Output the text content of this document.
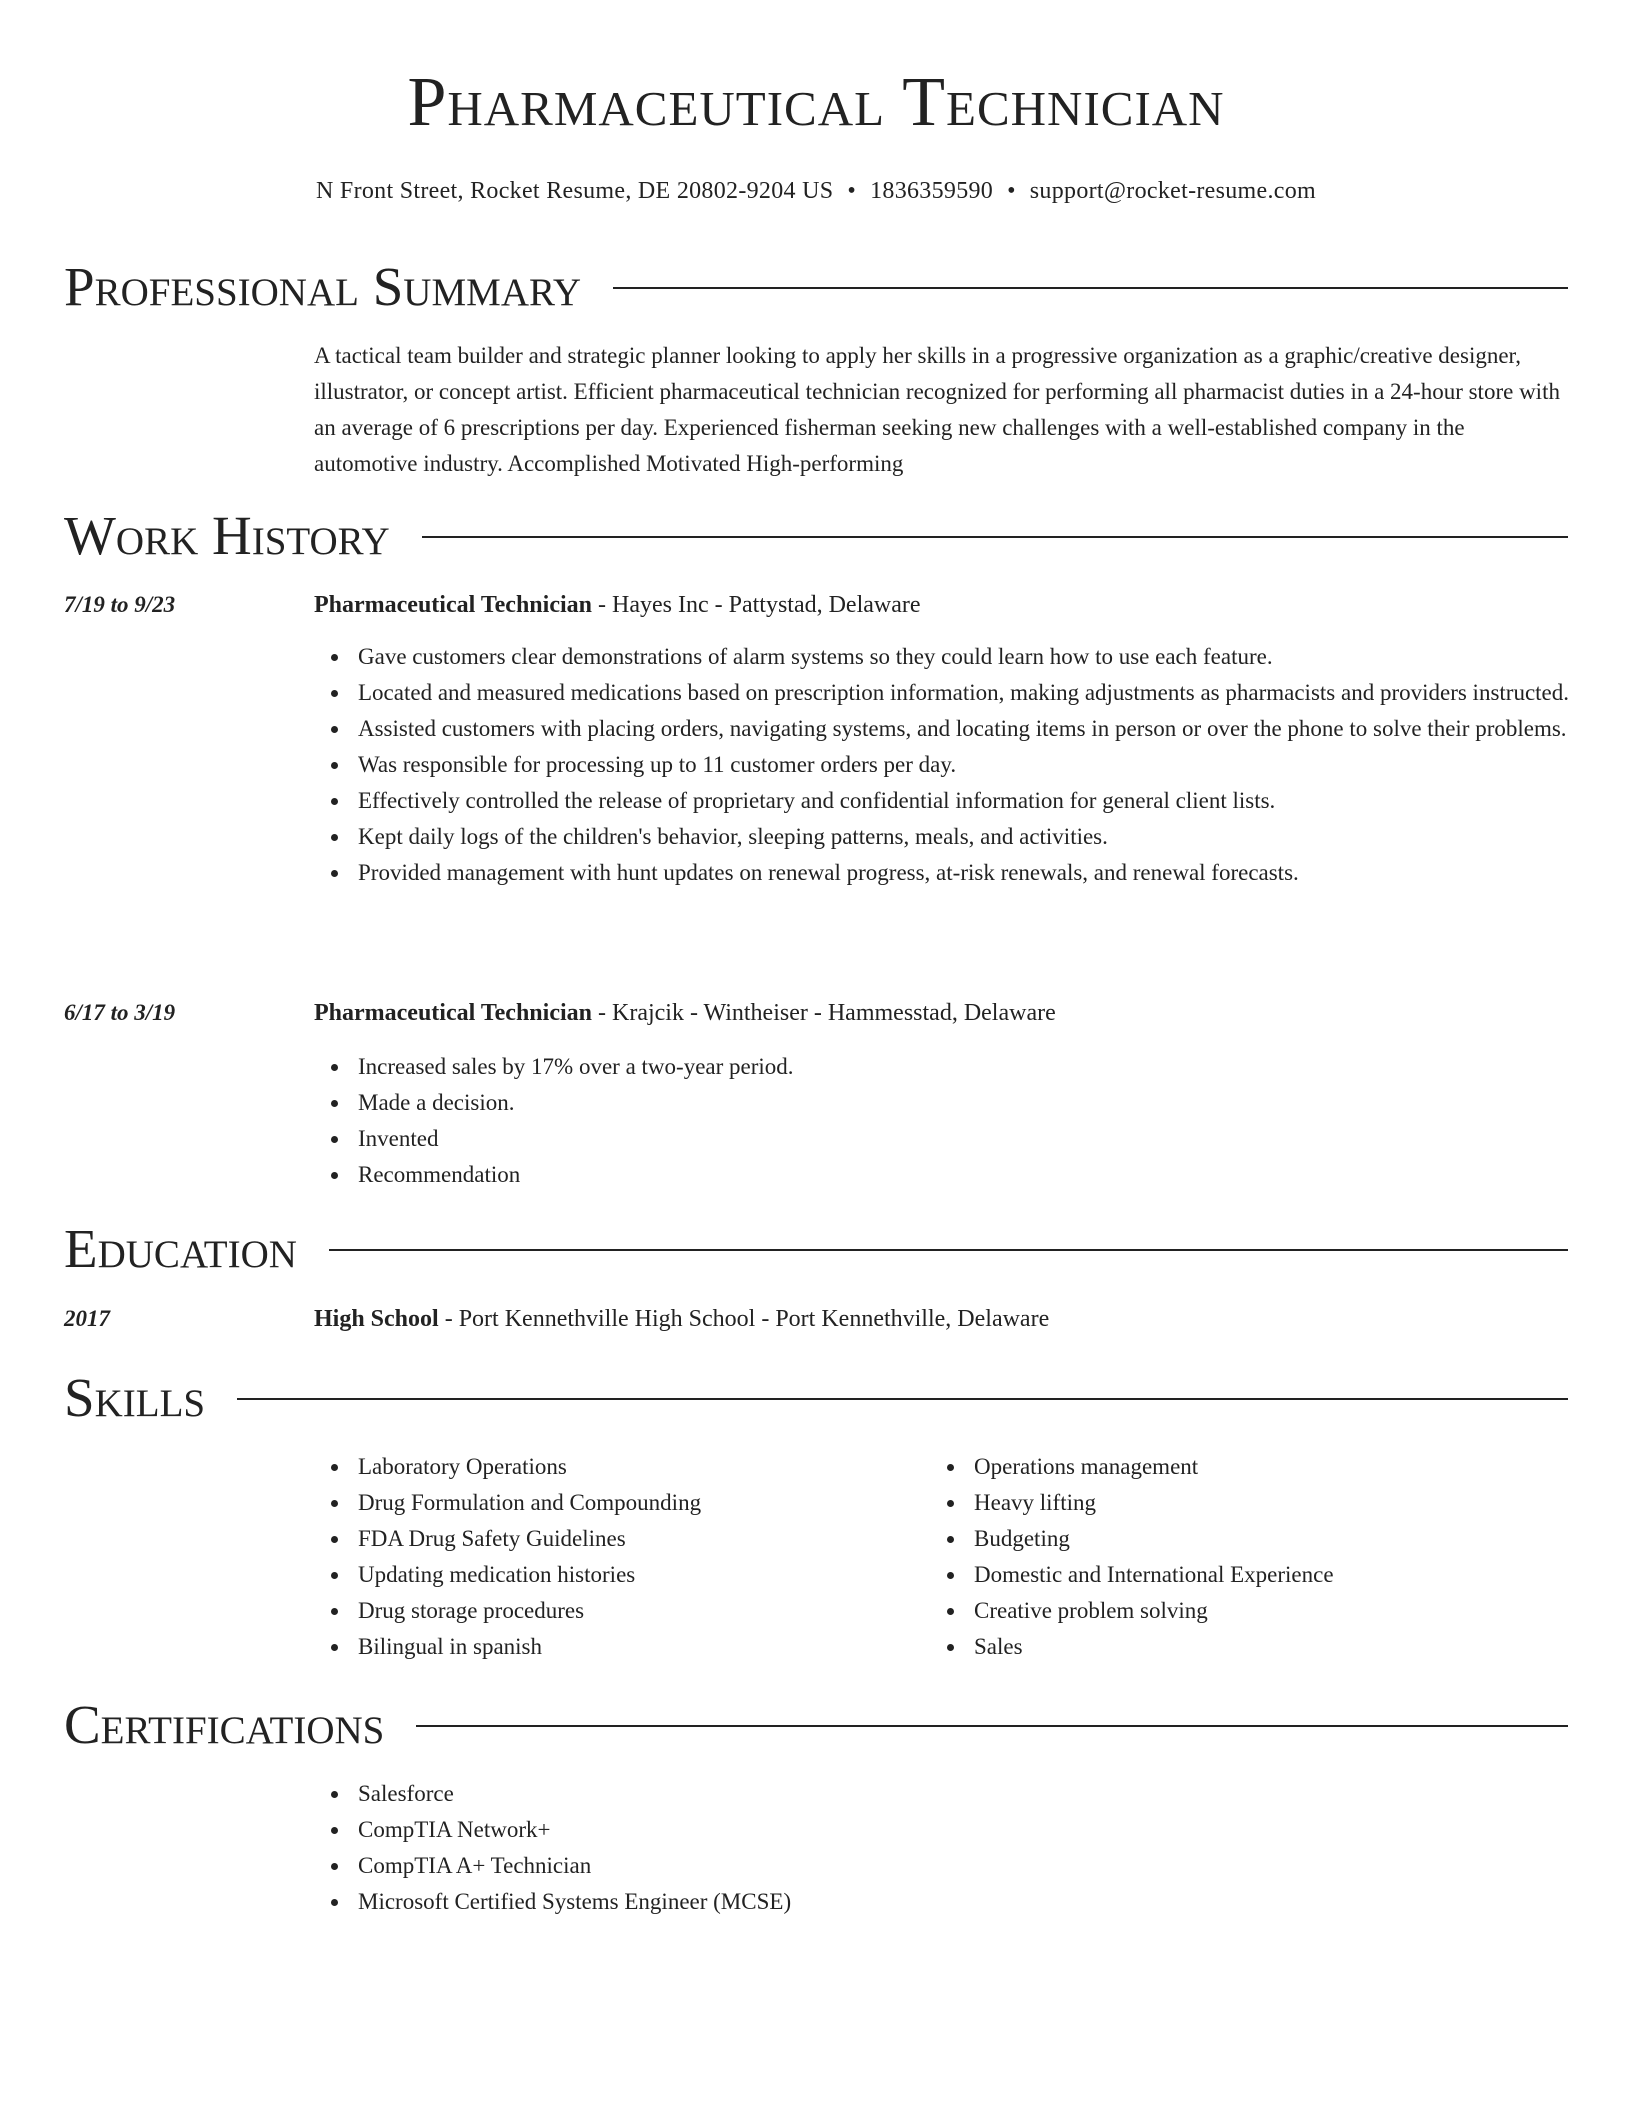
Pharmaceutical Technician
N Front Street, Rocket Resume, DE 20802-9204 US • 1836359590 • support@rocket-resume.com
Professional Summary

A tactical team builder and strategic planner looking to apply her skills in a progressive organization as a graphic/creative designer, illustrator, or concept artist. Efficient pharmaceutical technician recognized for performing all pharmacist duties in a 24-hour store with an average of 6 prescriptions per day. Experienced fisherman seeking new challenges with a well-established company in the automotive industry. Accomplished Motivated High-performing

Work History
7/19 to 9/23	Pharmaceutical Technician - Hayes Inc - Pattystad, Delaware
Gave customers clear demonstrations of alarm systems so they could learn how to use each feature.
Located and measured medications based on prescription information, making adjustments as pharmacists and providers instructed.
Assisted customers with placing orders, navigating systems, and locating items in person or over the phone to solve their problems.
Was responsible for processing up to 11 customer orders per day.
Effectively controlled the release of proprietary and confidential information for general client lists.
Kept daily logs of the children's behavior, sleeping patterns, meals, and activities.
Provided management with hunt updates on renewal progress, at-risk renewals, and renewal forecasts.
6/17 to 3/19	Pharmaceutical Technician - Krajcik - Wintheiser - Hammesstad, Delaware
Increased sales by 17% over a two-year period.
Made a decision.
Invented
Recommendation
Education
2017	High School - Port Kennethville High School - Port Kennethville, Delaware
Skills
Laboratory Operations
Drug Formulation and Compounding
FDA Drug Safety Guidelines
Updating medication histories
Drug storage procedures
Bilingual in spanish
Operations management
Heavy lifting
Budgeting
Domestic and International Experience
Creative problem solving
Sales
Certifications
Salesforce
CompTIA Network+
CompTIA A+ Technician
Microsoft Certified Systems Engineer (MCSE)
